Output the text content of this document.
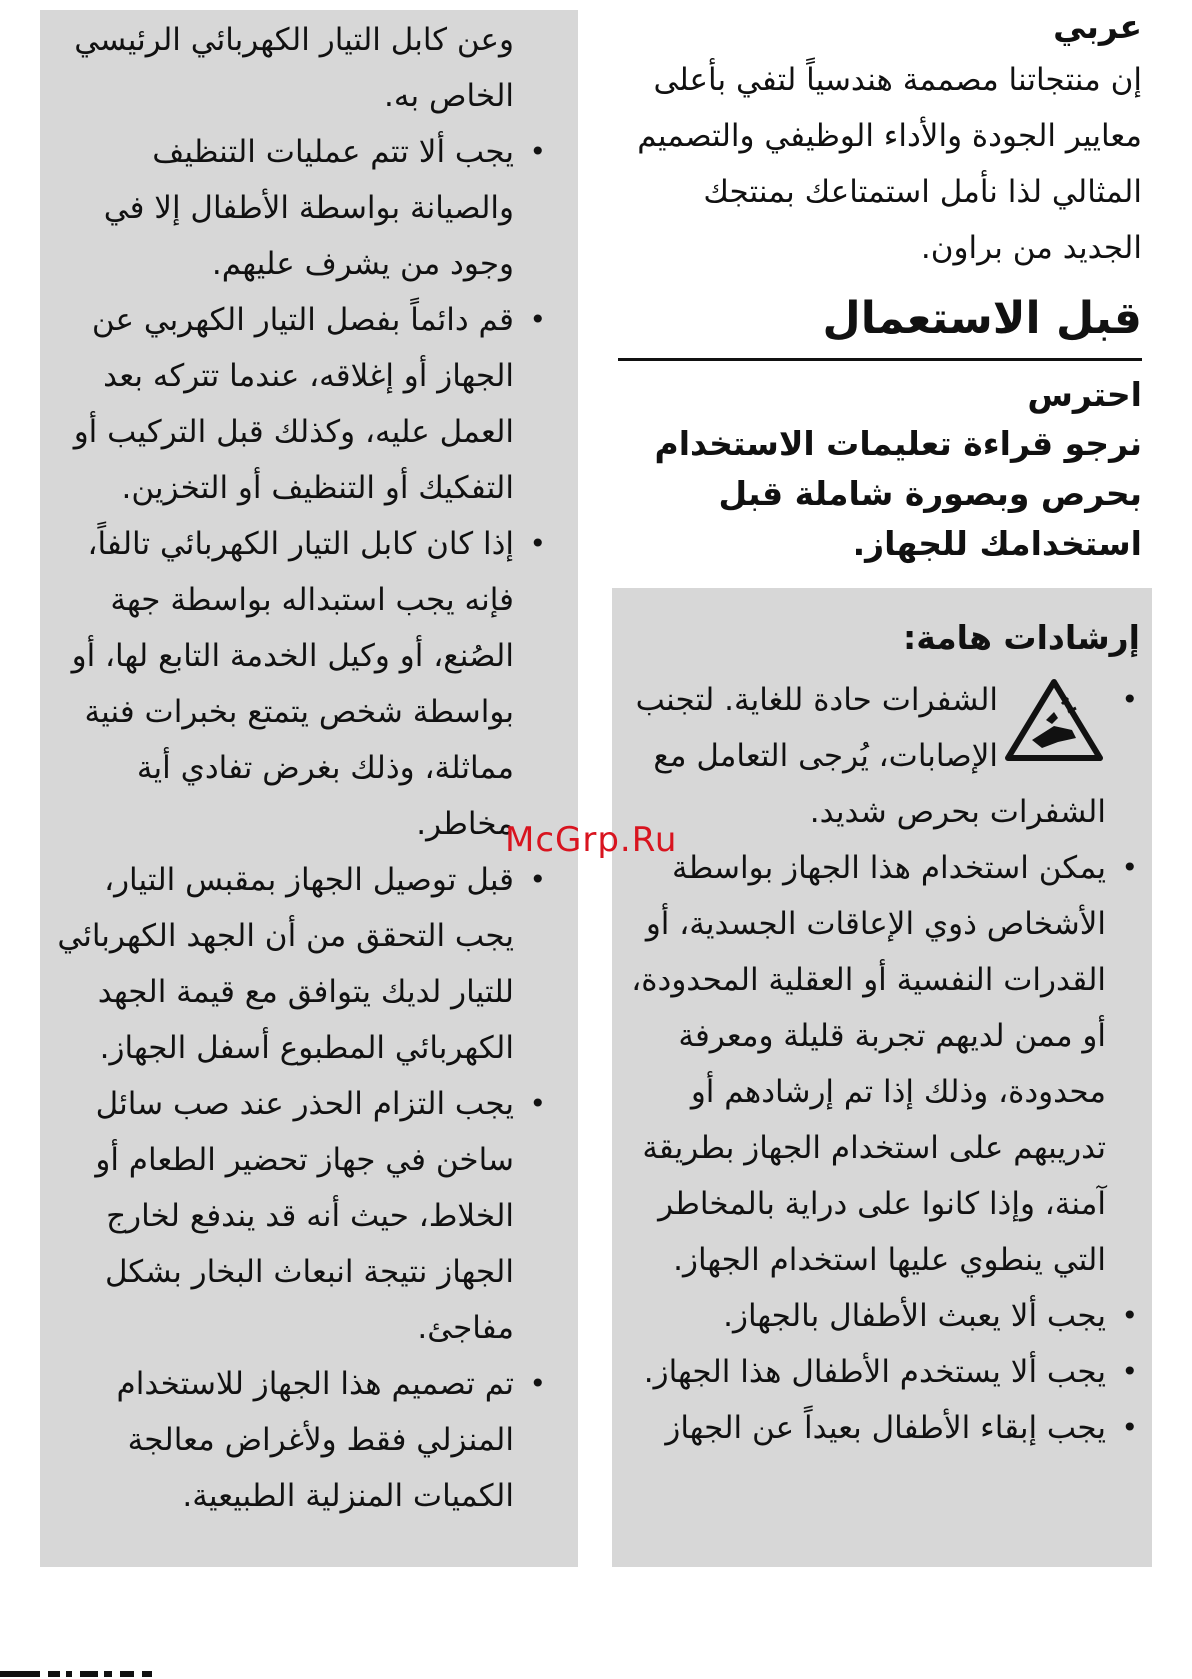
وعن كابل التيار الكهربائي الرئيسي الخاص به.

• يجب ألا تتم عمليات التنظيف والصيانة بواسطة الأطفال إلا في وجود من يشرف عليهم.
• قم دائماً بفصل التيار الكهربي عن الجهاز أو إغلاقه، عندما تتركه بعد العمل عليه، وكذلك قبل التركيب أو التفكيك أو التنظيف أو التخزين.
• إذا كان كابل التيار الكهربائي تالفاً، فإنه يجب استبداله بواسطة جهة الصُنع، أو وكيل الخدمة التابع لها، أو بواسطة شخص يتمتع بخبرات فنية مماثلة، وذلك بغرض تفادي أية مخاطر.
• قبل توصيل الجهاز بمقبس التيار، يجب التحقق من أن الجهد الكهربائي للتيار لديك يتوافق مع قيمة الجهد الكهربائي المطبوع أسفل الجهاز.
• يجب التزام الحذر عند صب سائل ساخن في جهاز تحضير الطعام أو الخلاط، حيث أنه قد يندفع لخارج الجهاز نتيجة انبعاث البخار بشكل مفاجئ.
• تم تصميم هذا الجهاز للاستخدام المنزلي فقط ولأغراض معالجة الكميات المنزلية الطبيعية.
عربي

إن منتجاتنا مصممة هندسياً لتفي بأعلى معايير الجودة والأداء الوظيفي والتصميم المثالي لذا نأمل استمتاعك بمنتجك الجديد من براون.

قبل الاستعمال
احترس

نرجو قراءة تعليمات الاستخدام بحرص وبصورة شاملة قبل استخدامك للجهاز.

إرشادات هامة:
• الشفرات حادة للغاية. لتجنب الإصابات، يُرجى التعامل مع الشفرات بحرص شديد.
• يمكن استخدام هذا الجهاز بواسطة الأشخاص ذوي الإعاقات الجسدية، أو القدرات النفسية أو العقلية المحدودة، أو ممن لديهم تجربة قليلة ومعرفة محدودة، وذلك إذا تم إرشادهم أو تدريبهم على استخدام الجهاز بطريقة آمنة، وإذا كانوا على دراية بالمخاطر التي ينطوي عليها استخدام الجهاز.
• يجب ألا يعبث الأطفال بالجهاز.
• يجب ألا يستخدم الأطفال هذا الجهاز.
• يجب إبقاء الأطفال بعيداً عن الجهاز
McGrp.Ru
